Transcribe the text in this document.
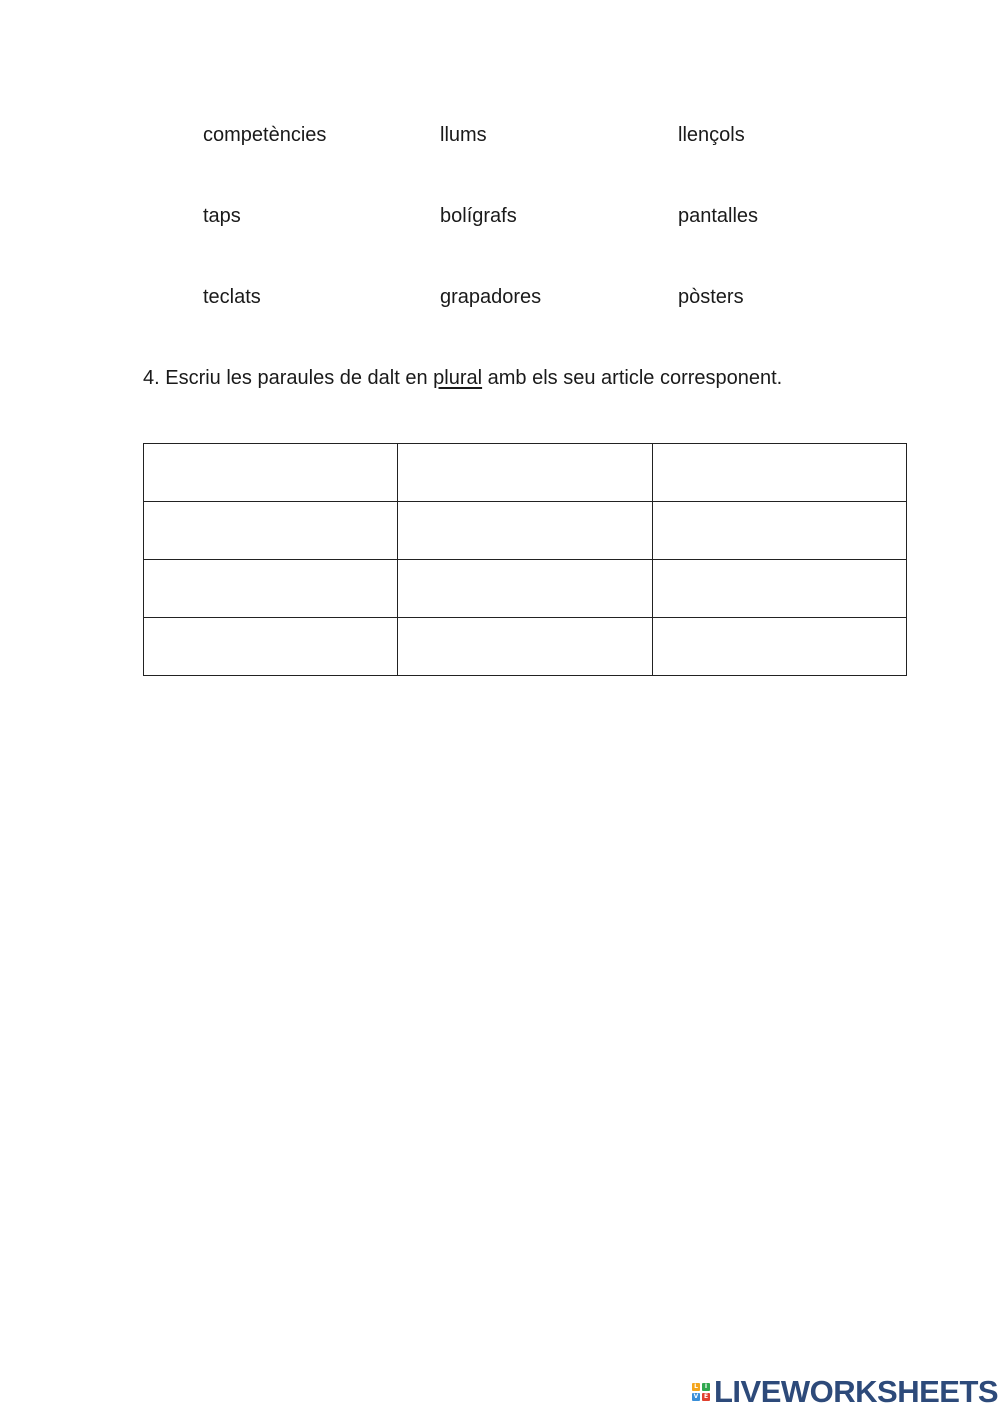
competències	llums	llençols
taps	bolígrafs	pantalles
teclats	grapadores	pòsters
4. Escriu les paraules de dalt en plural amb els seu article corresponent.

L	I
V E LIVEWORKSHEETS
